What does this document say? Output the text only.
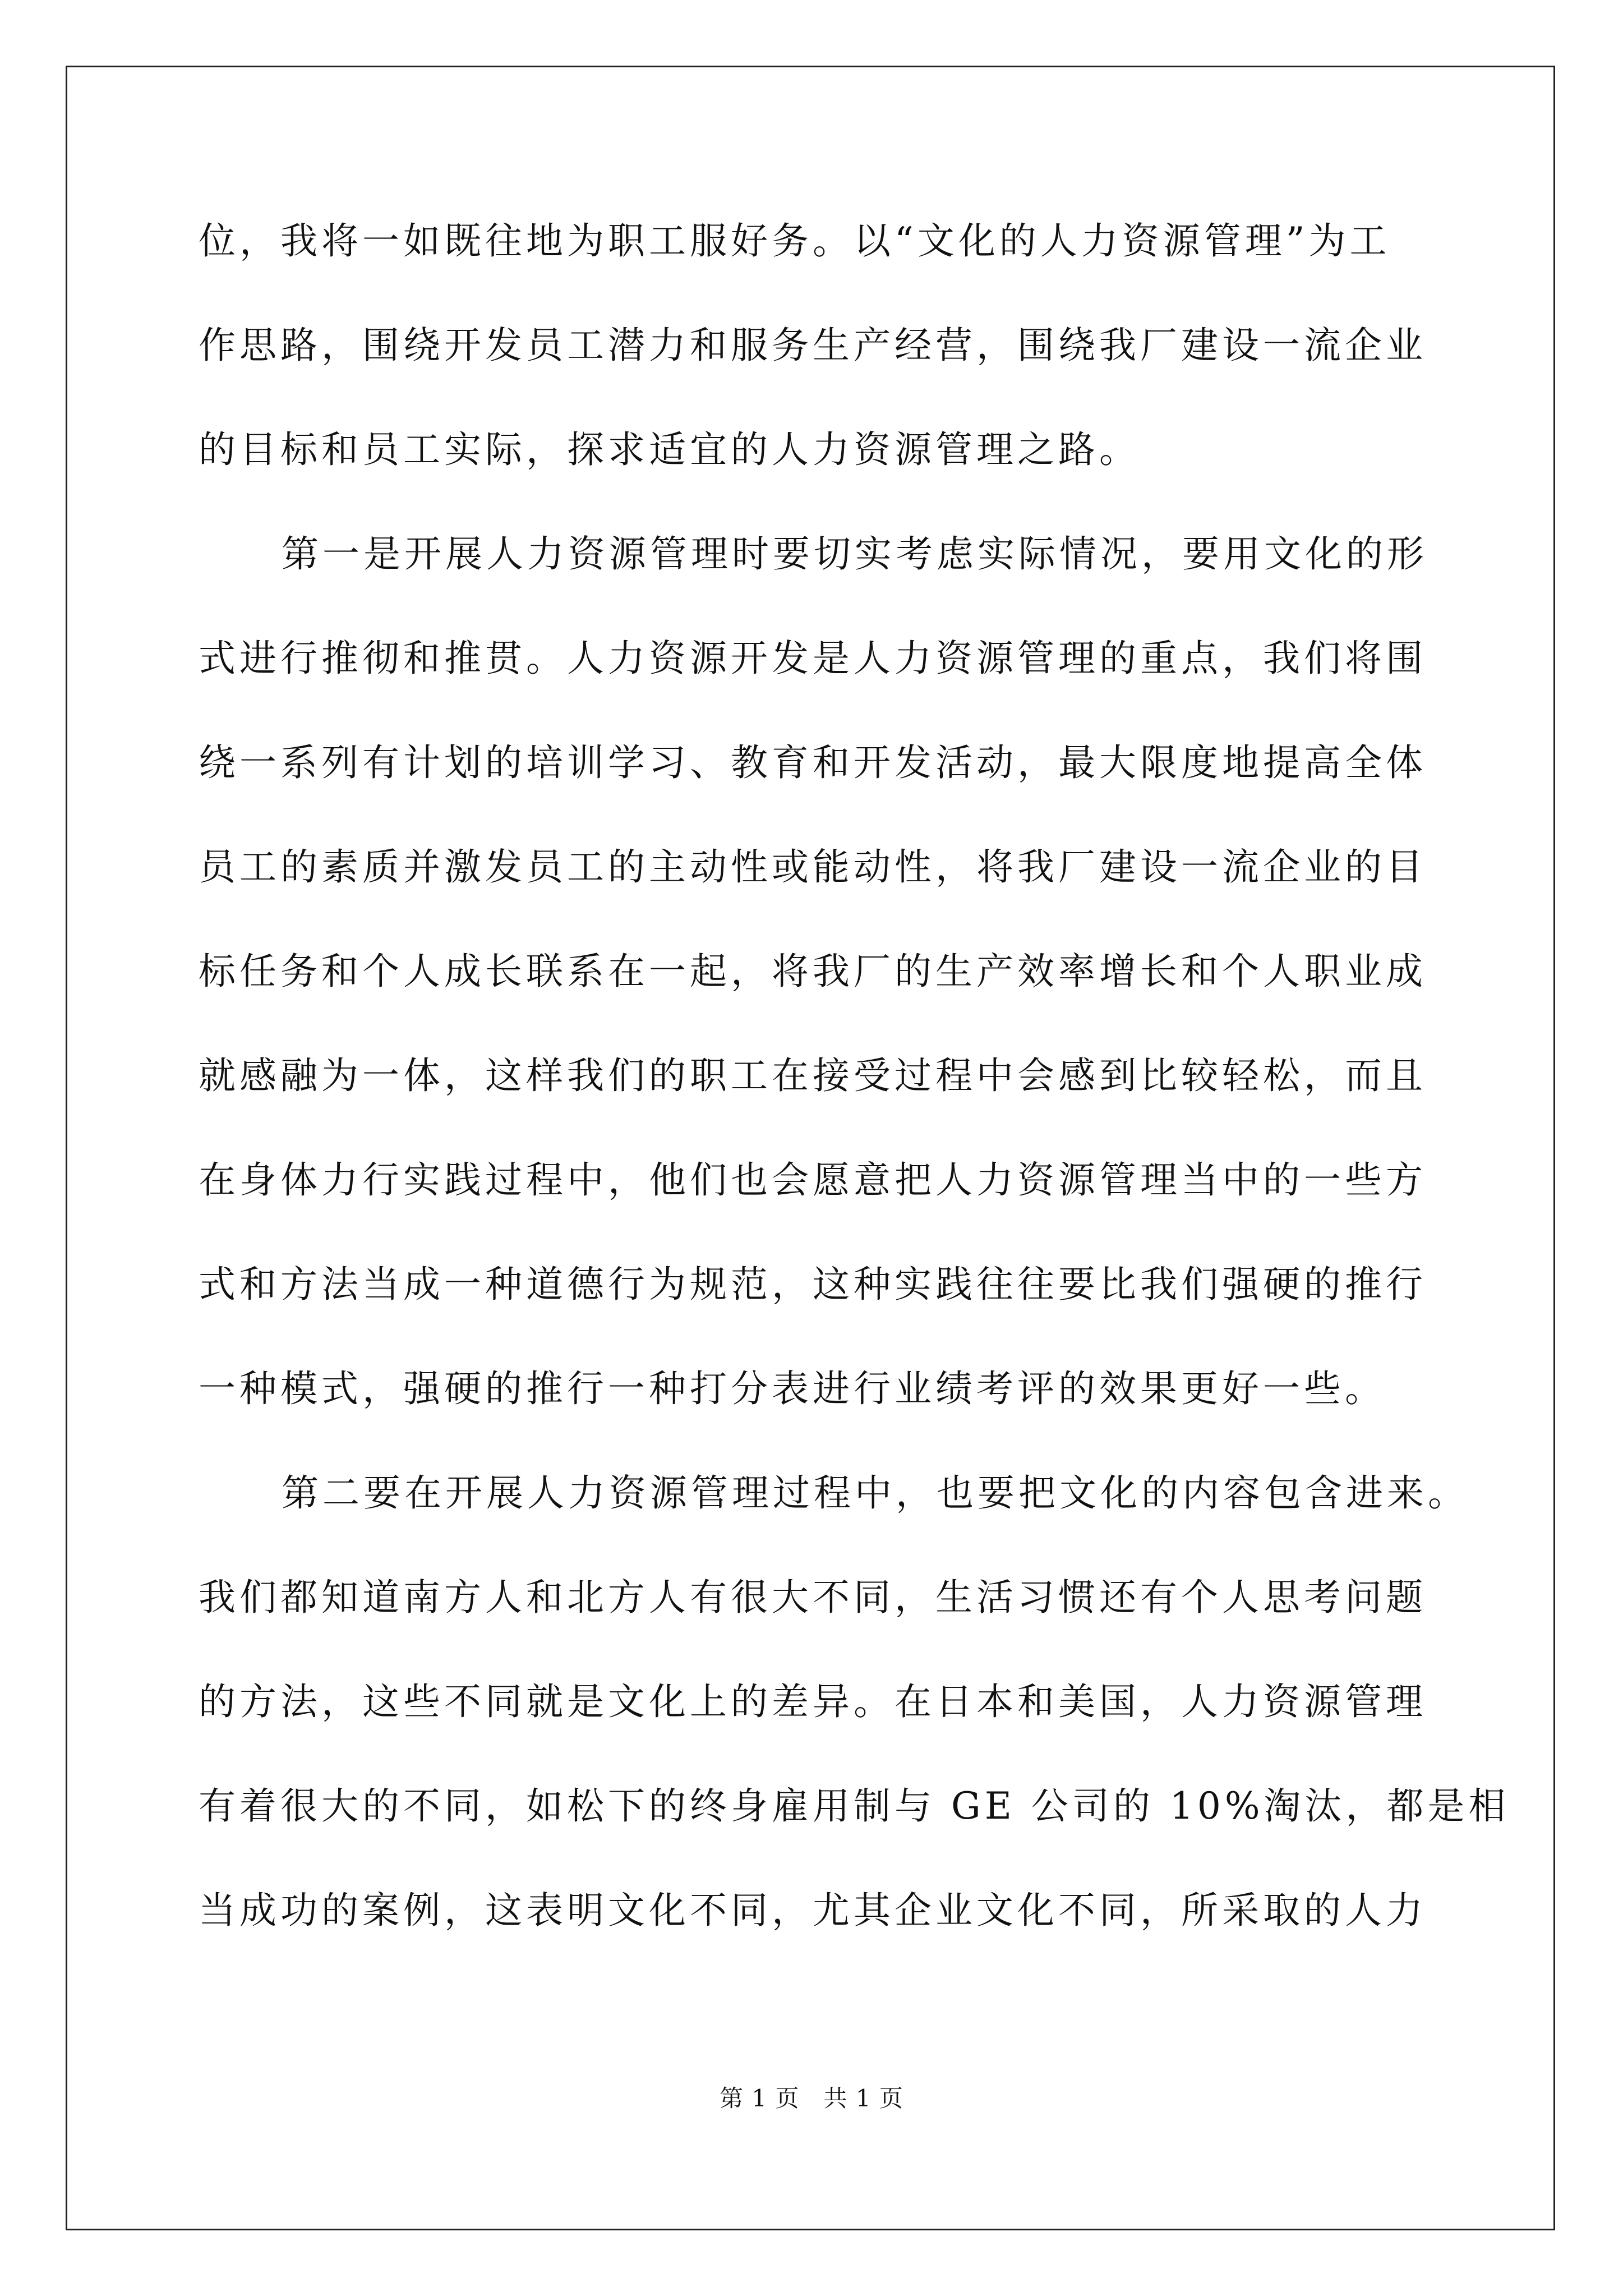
位，我将一如既往地为职工服好务。以“文化的人力资源管理”为工
作思路，围绕开发员工潜力和服务生产经营，围绕我厂建设一流企业
的目标和员工实际，探求适宜的人力资源管理之路。
第一是开展人力资源管理时要切实考虑实际情况，要用文化的形
式进行推彻和推贯。人力资源开发是人力资源管理的重点，我们将围
绕一系列有计划的培训学习、教育和开发活动，最大限度地提高全体
员工的素质并激发员工的主动性或能动性，将我厂建设一流企业的目
标任务和个人成长联系在一起，将我厂的生产效率增长和个人职业成
就感融为一体，这样我们的职工在接受过程中会感到比较轻松，而且
在身体力行实践过程中，他们也会愿意把人力资源管理当中的一些方
式和方法当成一种道德行为规范，这种实践往往要比我们强硬的推行
一种模式，强硬的推行一种打分表进行业绩考评的效果更好一些。
第二要在开展人力资源管理过程中，也要把文化的内容包含进来。
我们都知道南方人和北方人有很大不同，生活习惯还有个人思考问题
的方法，这些不同就是文化上的差异。在日本和美国，人力资源管理
有着很大的不同，如松下的终身雇用制与 GE 公司的 10%淘汰，都是相
当成功的案例，这表明文化不同，尤其企业文化不同，所采取的人力
第 1 页　共 1 页
